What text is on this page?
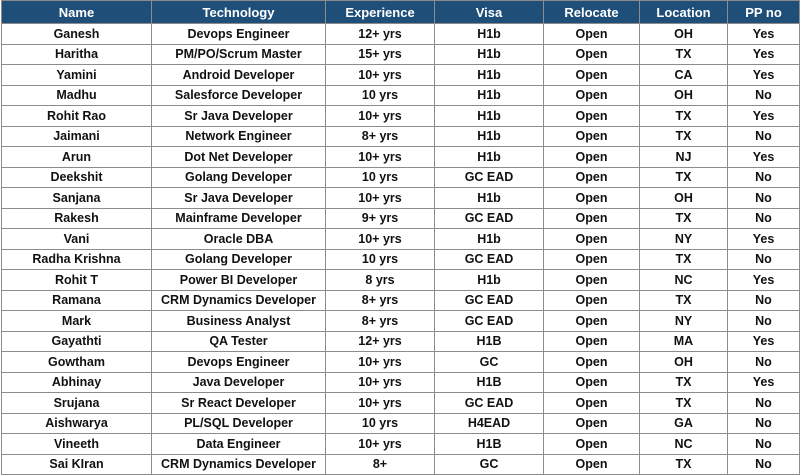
Name	Technology	Experience	Visa	Relocate	Location	PP no
Ganesh	Devops Engineer	12+ yrs	H1b	Open	OH	Yes
Haritha	PM/PO/Scrum Master	15+ yrs	H1b	Open	TX	Yes
Yamini	Android Developer	10+ yrs	H1b	Open	CA	Yes
Madhu	Salesforce Developer	10 yrs	H1b	Open	OH	No
Rohit Rao	Sr Java Developer	10+ yrs	H1b	Open	TX	Yes
Jaimani	Network Engineer	8+ yrs	H1b	Open	TX	No
Arun	Dot Net Developer	10+ yrs	H1b	Open	NJ	Yes
Deekshit	Golang Developer	10 yrs	GC EAD	Open	TX	No
Sanjana	Sr Java Developer	10+ yrs	H1b	Open	OH	No
Rakesh	Mainframe Developer	9+ yrs	GC EAD	Open	TX	No
Vani	Oracle DBA	10+ yrs	H1b	Open	NY	Yes
Radha Krishna	Golang Developer	10 yrs	GC EAD	Open	TX	No
Rohit T	Power BI Developer	8 yrs	H1b	Open	NC	Yes
Ramana	CRM Dynamics Developer	8+ yrs	GC EAD	Open	TX	No
Mark	Business Analyst	8+ yrs	GC EAD	Open	NY	No
Gayathti	QA Tester	12+ yrs	H1B	Open	MA	Yes
Gowtham	Devops Engineer	10+ yrs	GC	Open	OH	No
Abhinay	Java Developer	10+ yrs	H1B	Open	TX	Yes
Srujana	Sr React Developer	10+ yrs	GC EAD	Open	TX	No
Aishwarya	PL/SQL Developer	10 yrs	H4EAD	Open	GA	No
Vineeth	Data Engineer	10+ yrs	H1B	Open	NC	No
Sai KIran	CRM Dynamics Developer	8+	GC	Open	TX	No
